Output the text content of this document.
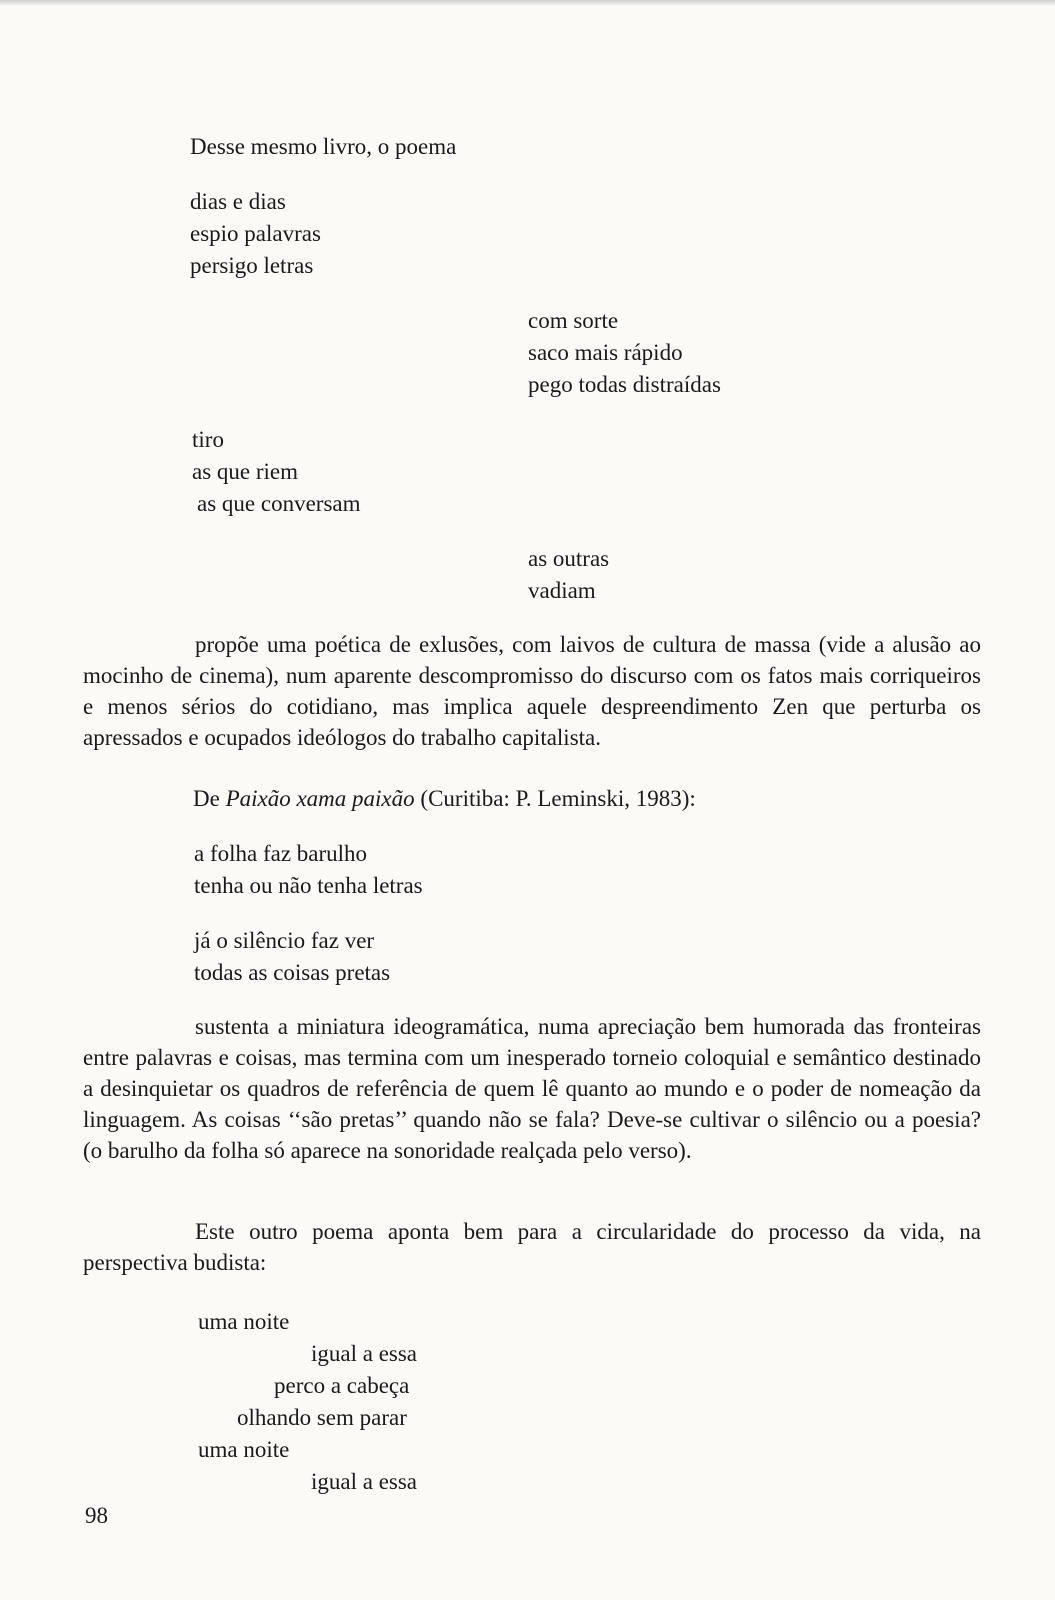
Desse mesmo livro, o poema
dias e dias
espio palavras
persigo letras
com sorte
saco mais rápido
pego todas distraídas
tiro
as que riem
as que conversam
as outras
vadiam

propõe uma poética de exlusões, com laivos de cultura de massa (vide a alusão ao mocinho de cinema), num aparente descompromisso do discurso com os fatos mais corriqueiros e menos sérios do cotidiano, mas implica aquele despreendimento Zen que perturba os apressados e ocupados ideólogos do trabalho capitalista.

De Paixão xama paixão (Curitiba: P. Leminski, 1983):
a folha faz barulho
tenha ou não tenha letras
já o silêncio faz ver
todas as coisas pretas

sustenta a miniatura ideogramática, numa apreciação bem humorada das fronteiras entre palavras e coisas, mas termina com um inesperado torneio coloquial e semântico destinado a desinquietar os quadros de referência de quem lê quanto ao mundo e o poder de nomeação da linguagem. As coisas ‘‘são pretas’’ quando não se fala? Deve-se cultivar o silêncio ou a poesia? (o barulho da folha só aparece na sonoridade realçada pelo verso).

Este outro poema aponta bem para a circularidade do processo da vida, na perspectiva budista:

uma noite
igual a essa
perco a cabeça
olhando sem parar
uma noite
igual a essa
98
